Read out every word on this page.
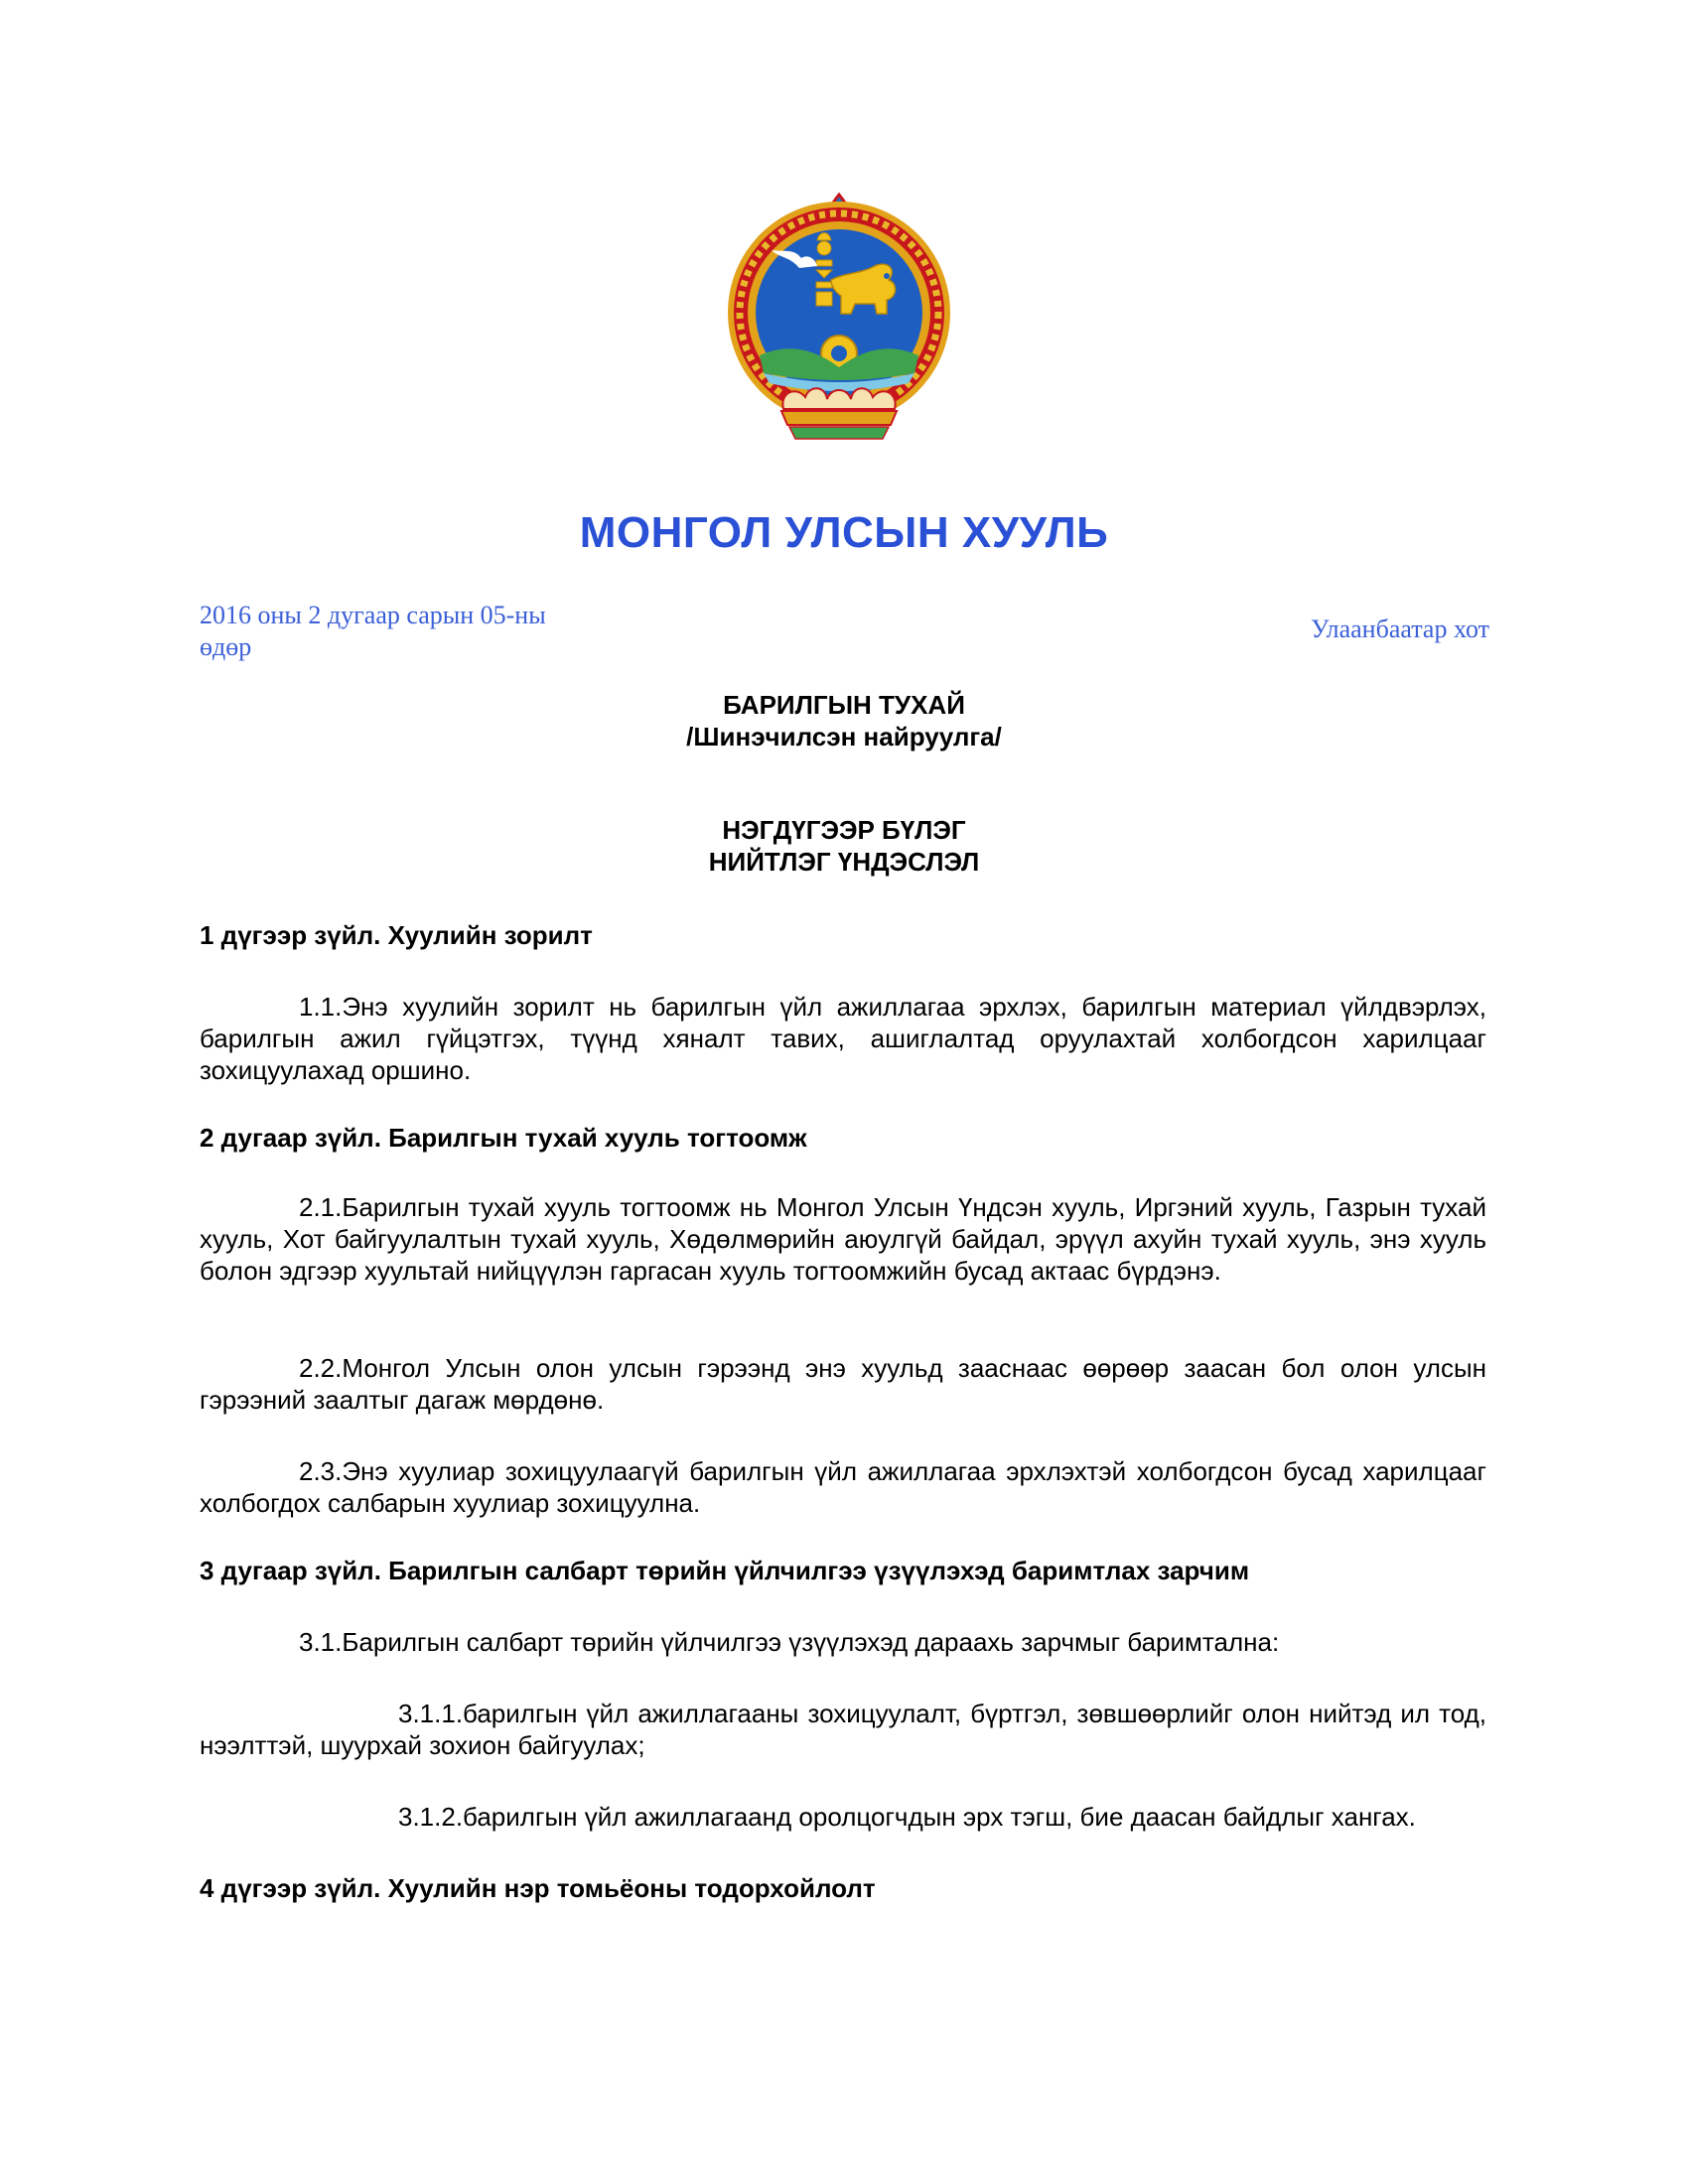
МОНГОЛ УЛСЫН ХУУЛЬ
2016 оны 2 дугаар сарын 05-ны өдөр
Улаанбаатар хот
БАРИЛГЫН ТУХАЙ
/Шинэчилсэн найруулга/
НЭГДҮГЭЭР БҮЛЭГ
НИЙТЛЭГ ҮНДЭСЛЭЛ
1 дүгээр зүйл. Хуулийн зорилт

1.1.Энэ хуулийн зорилт нь барилгын үйл ажиллагаа эрхлэх, барилгын материал үйлдвэрлэх, барилгын ажил гүйцэтгэх, түүнд хяналт тавих, ашиглалтад оруулахтай холбогдсон харилцааг зохицуулахад оршино.

2 дугаар зүйл. Барилгын тухай хууль тогтоомж

2.1.Барилгын тухай хууль тогтоомж нь Монгол Улсын Үндсэн хууль, Иргэний хууль, Газрын тухай хууль, Хот байгуулалтын тухай хууль, Хөдөлмөрийн аюулгүй байдал, эрүүл ахуйн тухай хууль, энэ хууль болон эдгээр хуультай нийцүүлэн гаргасан хууль тогтоомжийн бусад актаас бүрдэнэ.

2.2.Монгол Улсын олон улсын гэрээнд энэ хуульд зааснаас өөрөөр заасан бол олон улсын гэрээний заалтыг дагаж мөрдөнө.

2.3.Энэ хуулиар зохицуулаагүй барилгын үйл ажиллагаа эрхлэхтэй холбогдсон бусад харилцааг холбогдох салбарын хуулиар зохицуулна.

3 дугаар зүйл. Барилгын салбарт төрийн үйлчилгээ үзүүлэхэд баримтлах зарчим

3.1.Барилгын салбарт төрийн үйлчилгээ үзүүлэхэд дараахь зарчмыг баримтална:

3.1.1.барилгын үйл ажиллагааны зохицуулалт, бүртгэл, зөвшөөрлийг олон нийтэд ил тод, нээлттэй, шуурхай зохион байгуулах;

3.1.2.барилгын үйл ажиллагаанд оролцогчдын эрх тэгш, бие даасан байдлыг хангах.

4 дүгээр зүйл. Хуулийн нэр томьёоны тодорхойлолт
